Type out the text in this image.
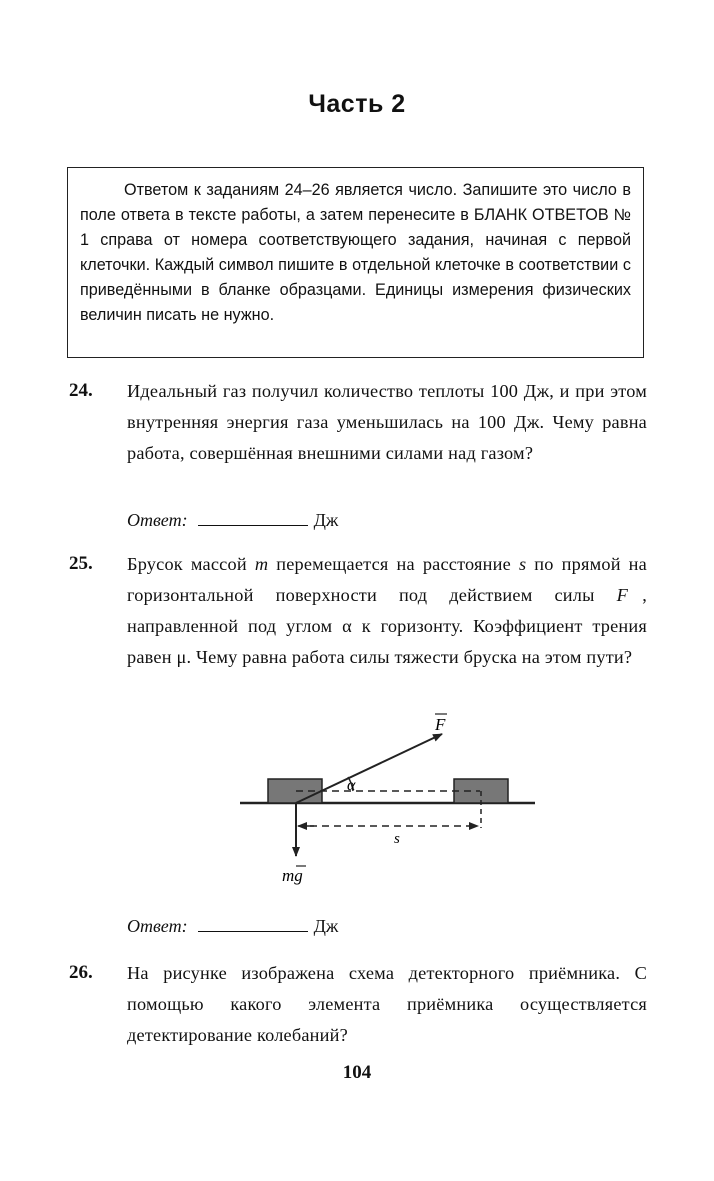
Часть 2

Ответом к заданиям 24–26 является число. Запишите это число в поле ответа в тексте работы, а затем перенесите в БЛАНК ОТВЕТОВ № 1 справа от номера соответствующего задания, начиная с первой клеточки. Каждый символ пишите в отдельной клеточке в соответствии с приведёнными в бланке образцами. Единицы измерения физических величин писать не нужно.

24. Идеальный газ получил количество теплоты 100 Дж, и при этом внутренняя энергия газа уменьшилась на 100 Дж. Чему равна работа, совершённая внешними силами над газом?
Ответ:	Дж
25. Брусок массой m перемещается на расстояние s по прямой на горизонтальной поверхности под действием силы F⃗, направленной под углом α к горизонту. Коэффициент трения равен μ. Чему равна работа силы тяжести бруска на этом пути?
F
α
s
mg
Ответ:	Дж
26. На рисунке изображена схема детекторного приёмника. С помощью какого элемента приёмника осуществляется детектирование колебаний?
104
